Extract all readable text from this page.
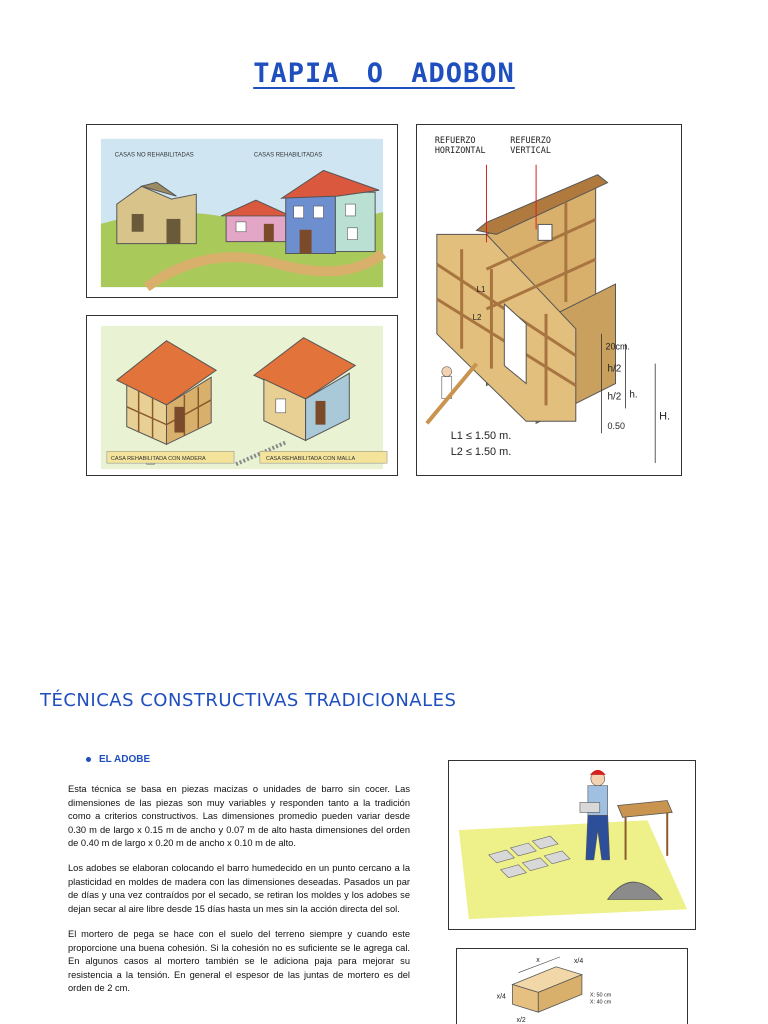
TAPIA O ADOBON
CASAS NO REHABILITADAS	CASAS REHABILITADAS
CASA REHABILITADA CON MADERA	CASA REHABILITADA CON MALLA
REFUERZO
HORIZONTAL
REFUERZO
VERTICAL
20cm.
h/2
h/2 h.
H.
0.50
L1
L2
L1 ≤ 1.50 m.
L2 ≤ 1.50 m.
TÉCNICAS CONSTRUCTIVAS TRADICIONALES
EL ADOBE

Esta técnica se basa en piezas macizas o unidades de barro sin cocer. Las dimensiones de las piezas son muy variables y responden tanto a la tradición como a criterios constructivos. Las dimensiones promedio pueden variar desde 0.30 m de largo x 0.15 m de ancho y 0.07 m de alto hasta dimensiones del orden de 0.40 m de largo x 0.20 m de ancho x 0.10 m de alto.

Los adobes se elaboran colocando el barro humedecido en un punto cercano a la plasticidad en moldes de madera con las dimensiones deseadas. Pasados un par de días y una vez contraídos por el secado, se retiran los moldes y los adobes se dejan secar al aire libre desde 15 días hasta un mes sin la acción directa del sol.

El mortero de pega se hace con el suelo del terreno siempre y cuando este proporcione una buena cohesión. Si la cohesión no es suficiente se le agrega cal. En algunos casos al mortero también se le adiciona paja para mejorar su resistencia a la tensión. En general el espesor de las juntas de mortero es del orden de 2 cm.

x	x/4
x/4
x/2
X: 50 cm
X: 40 cm
